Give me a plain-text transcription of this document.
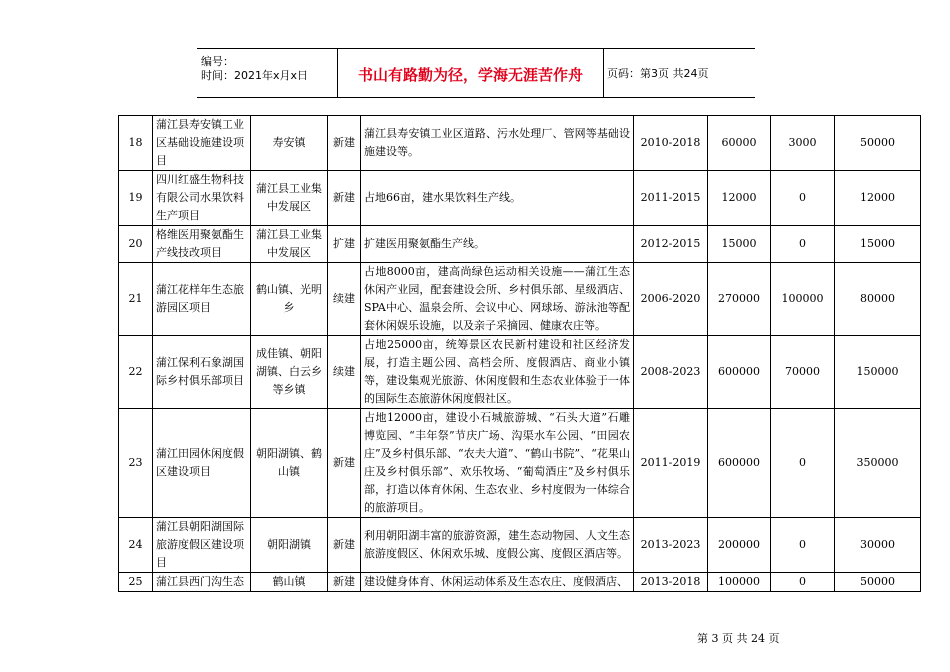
编号：
时间：2021年x月x日	书山有路勤为径，学海无涯苦作舟	页码：第3页 共24页
18	蒲江县寿安镇工业区基础设施建设项目	寿安镇	新建	蒲江县寿安镇工业区道路、污水处理厂、管网等基础设施建设等。	2010-2018	60000	3000	50000
19	四川红盛生物科技有限公司水果饮料生产项目	蒲江县工业集中发展区	新建	占地66亩，建水果饮料生产线。	2011-2015	12000	0	12000
20	格维医用聚氨酯生产线技改项目	蒲江县工业集中发展区	扩建	扩建医用聚氨酯生产线。	2012-2015	15000	0	15000
21	蒲江花样年生态旅游园区项目	鹤山镇、光明乡	续建	占地8000亩，建高尚绿色运动相关设施——蒲江生态休闲产业园，配套建设会所、乡村俱乐部、星级酒店、SPA中心、温泉会所、会议中心、网球场、游泳池等配套休闲娱乐设施，以及亲子采摘园、健康农庄等。	2006-2020	270000	100000	80000
22	蒲江保利石象湖国际乡村俱乐部项目	成佳镇、朝阳湖镇、白云乡等乡镇	续建	占地25000亩，统筹景区农民新村建设和社区经济发展，打造主题公园、高档会所、度假酒店、商业小镇等，建设集观光旅游、休闲度假和生态农业体验于一体的国际生态旅游休闲度假社区。	2008-2023	600000	70000	150000
23	蒲江田园休闲度假区建设项目	朝阳湖镇、鹤山镇	新建	占地12000亩，建设小石城旅游城、“石头大道”石雕博览园、“丰年祭”节庆广场、沟渠水车公园、“田园农庄”及乡村俱乐部、“农夫大道”、“鹤山书院”、“花果山庄及乡村俱乐部”、欢乐牧场、“葡萄酒庄”及乡村俱乐部，打造以体育休闲、生态农业、乡村度假为一体综合的旅游项目。	2011-2019	600000	0	350000
24	蒲江县朝阳湖国际旅游度假区建设项目	朝阳湖镇	新建	利用朝阳湖丰富的旅游资源，建生态动物园、人文生态旅游度假区、休闲欢乐城、度假公寓、度假区酒店等。	2013-2023	200000	0	30000
25	蒲江县西门沟生态	鹤山镇	新建	建设健身体育、休闲运动体系及生态农庄、度假酒店、	2013-2018	100000	0	50000
第 3 页 共 24 页
